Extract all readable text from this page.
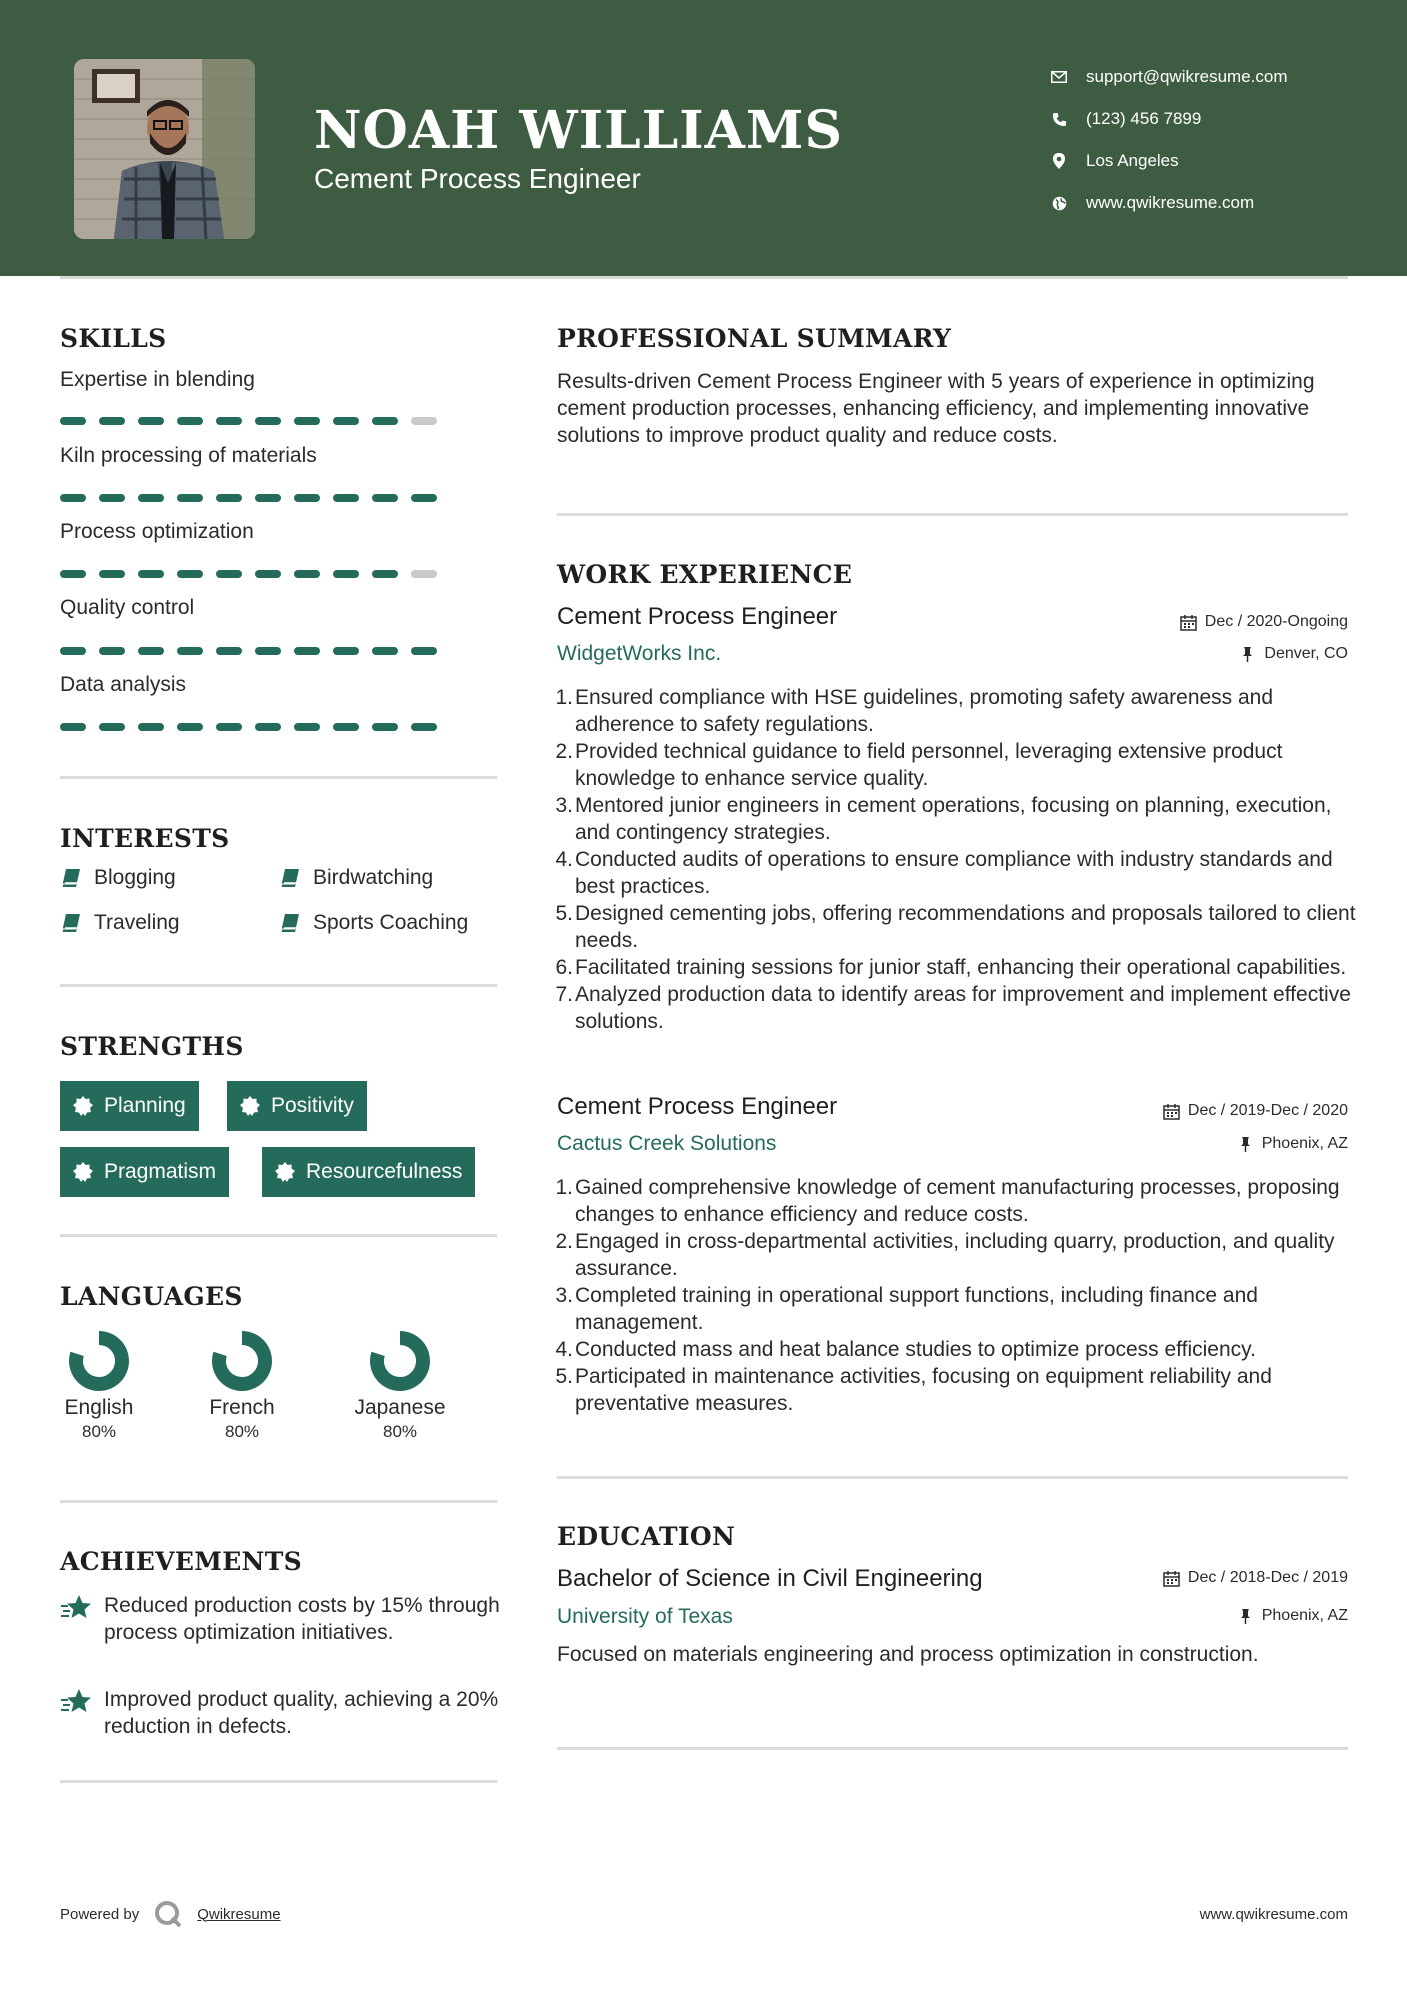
NOAH WILLIAMS
Cement Process Engineer
support@qwikresume.com
(123) 456 7899
Los Angeles
www.qwikresume.com
SKILLS
Expertise in blending
Kiln processing of materials
Process optimization
Quality control
Data analysis
INTERESTS
Blogging	Birdwatching
Traveling	Sports Coaching
STRENGTHS
Planning	Positivity
Pragmatism	Resourcefulness
LANGUAGES
English
80%
French
80%
Japanese
80%
ACHIEVEMENTS
Reduced production costs by 15% through process optimization initiatives.
Improved product quality, achieving a 20% reduction in defects.
PROFESSIONAL SUMMARY
Results-driven Cement Process Engineer with 5 years of experience in optimizing cement production processes, enhancing efficiency, and implementing innovative solutions to improve product quality and reduce costs.
WORK EXPERIENCE
Cement Process Engineer	Dec / 2020-Ongoing
WidgetWorks Inc.	Denver, CO
1. Ensured compliance with HSE guidelines, promoting safety awareness and adherence to safety regulations.
2. Provided technical guidance to field personnel, leveraging extensive product knowledge to enhance service quality.
3. Mentored junior engineers in cement operations, focusing on planning, execution, and contingency strategies.
4. Conducted audits of operations to ensure compliance with industry standards and best practices.
5. Designed cementing jobs, offering recommendations and proposals tailored to client needs.
6. Facilitated training sessions for junior staff, enhancing their operational capabilities.
7. Analyzed production data to identify areas for improvement and implement effective solutions.
Cement Process Engineer	Dec / 2019-Dec / 2020
Cactus Creek Solutions	Phoenix, AZ
1. Gained comprehensive knowledge of cement manufacturing processes, proposing changes to enhance efficiency and reduce costs.
2. Engaged in cross-departmental activities, including quarry, production, and quality assurance.
3. Completed training in operational support functions, including finance and management.
4. Conducted mass and heat balance studies to optimize process efficiency.
5. Participated in maintenance activities, focusing on equipment reliability and preventative measures.
EDUCATION
Bachelor of Science in Civil Engineering	Dec / 2018-Dec / 2019
University of Texas	Phoenix, AZ
Focused on materials engineering and process optimization in construction.
Powered by	Qwikresume	www.qwikresume.com
